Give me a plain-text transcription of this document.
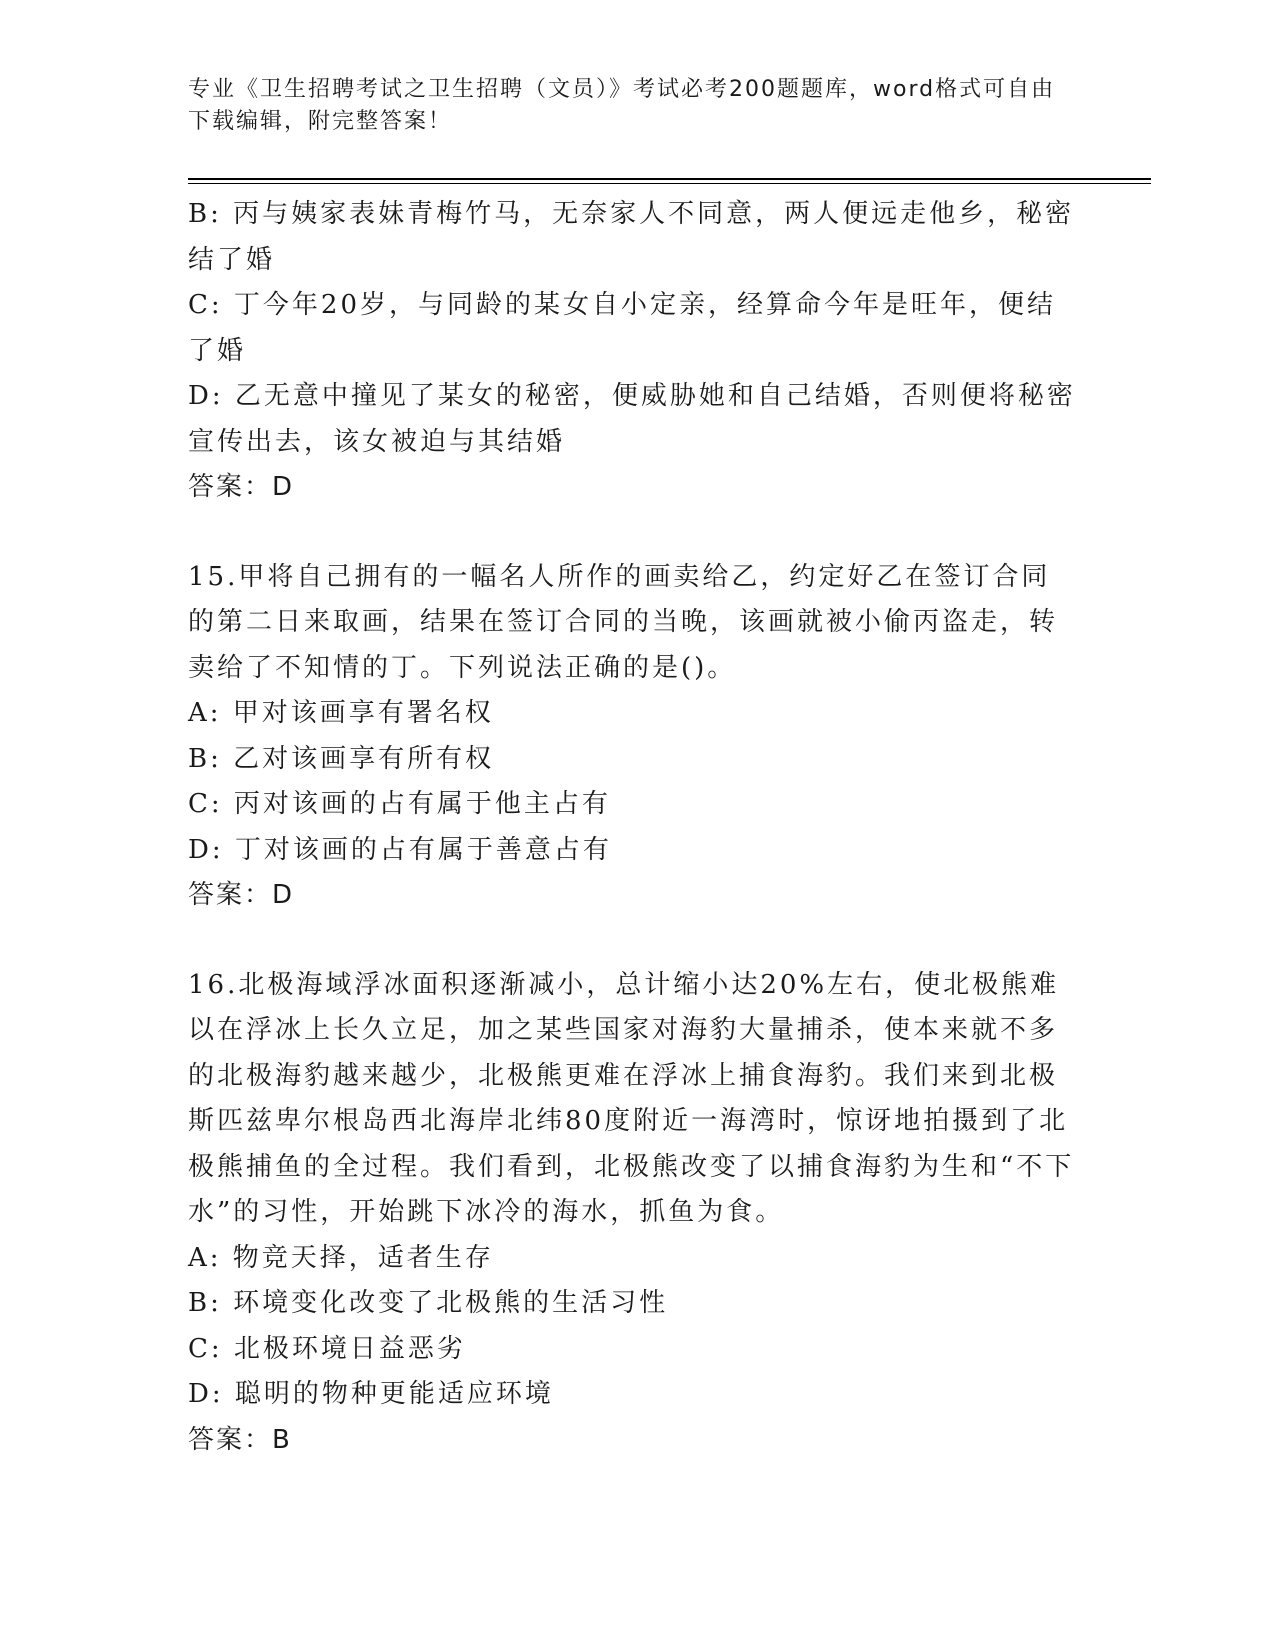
专业《卫生招聘考试之卫生招聘（文员）》考试必考200题题库，word格式可自由下载编辑，附完整答案！
B: 丙与姨家表妹青梅竹马，无奈家人不同意，两人便远走他乡，秘密结了婚
C: 丁今年20岁，与同龄的某女自小定亲，经算命今年是旺年，便结了婚
D: 乙无意中撞见了某女的秘密，便威胁她和自己结婚，否则便将秘密宣传出去，该女被迫与其结婚
答案：D
15.甲将自己拥有的一幅名人所作的画卖给乙，约定好乙在签订合同的第二日来取画，结果在签订合同的当晚，该画就被小偷丙盗走，转卖给了不知情的丁。下列说法正确的是()。
A: 甲对该画享有署名权
B: 乙对该画享有所有权
C: 丙对该画的占有属于他主占有
D: 丁对该画的占有属于善意占有
答案：D
16.北极海域浮冰面积逐渐减小，总计缩小达20%左右，使北极熊难以在浮冰上长久立足，加之某些国家对海豹大量捕杀，使本来就不多的北极海豹越来越少，北极熊更难在浮冰上捕食海豹。我们来到北极斯匹兹卑尔根岛西北海岸北纬80度附近一海湾时，惊讶地拍摄到了北极熊捕鱼的全过程。我们看到，北极熊改变了以捕食海豹为生和“不下水”的习性，开始跳下冰冷的海水，抓鱼为食。
A: 物竞天择，适者生存
B: 环境变化改变了北极熊的生活习性
C: 北极环境日益恶劣
D: 聪明的物种更能适应环境
答案：B
